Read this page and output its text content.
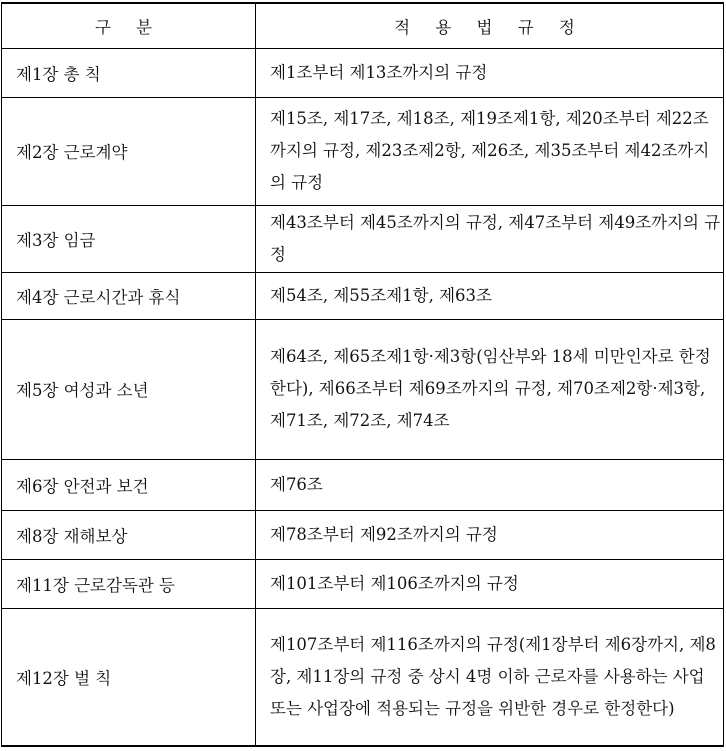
구 분	적 용 법 규 정
제1장 총 칙	제1조부터 제13조까지의 규정
제2장 근로계약	제15조, 제17조, 제18조, 제19조제1항, 제20조부터 제22조까지의 규정, 제23조제2항, 제26조, 제35조부터 제42조까지의 규정
제3장 임금	제43조부터 제45조까지의 규정, 제47조부터 제49조까지의 규정
제4장 근로시간과 휴식	제54조, 제55조제1항, 제63조
제5장 여성과 소년	제64조, 제65조제1항·제3항(임산부와 18세 미만인자로 한정한다), 제66조부터 제69조까지의 규정, 제70조제2항·제3항, 제71조, 제72조, 제74조
제6장 안전과 보건	제76조
제8장 재해보상	제78조부터 제92조까지의 규정
제11장 근로감독관 등	제101조부터 제106조까지의 규정
제12장 벌 칙	제107조부터 제116조까지의 규정(제1장부터 제6장까지, 제8장, 제11장의 규정 중 상시 4명 이하 근로자를 사용하는 사업 또는 사업장에 적용되는 규정을 위반한 경우로 한정한다)
